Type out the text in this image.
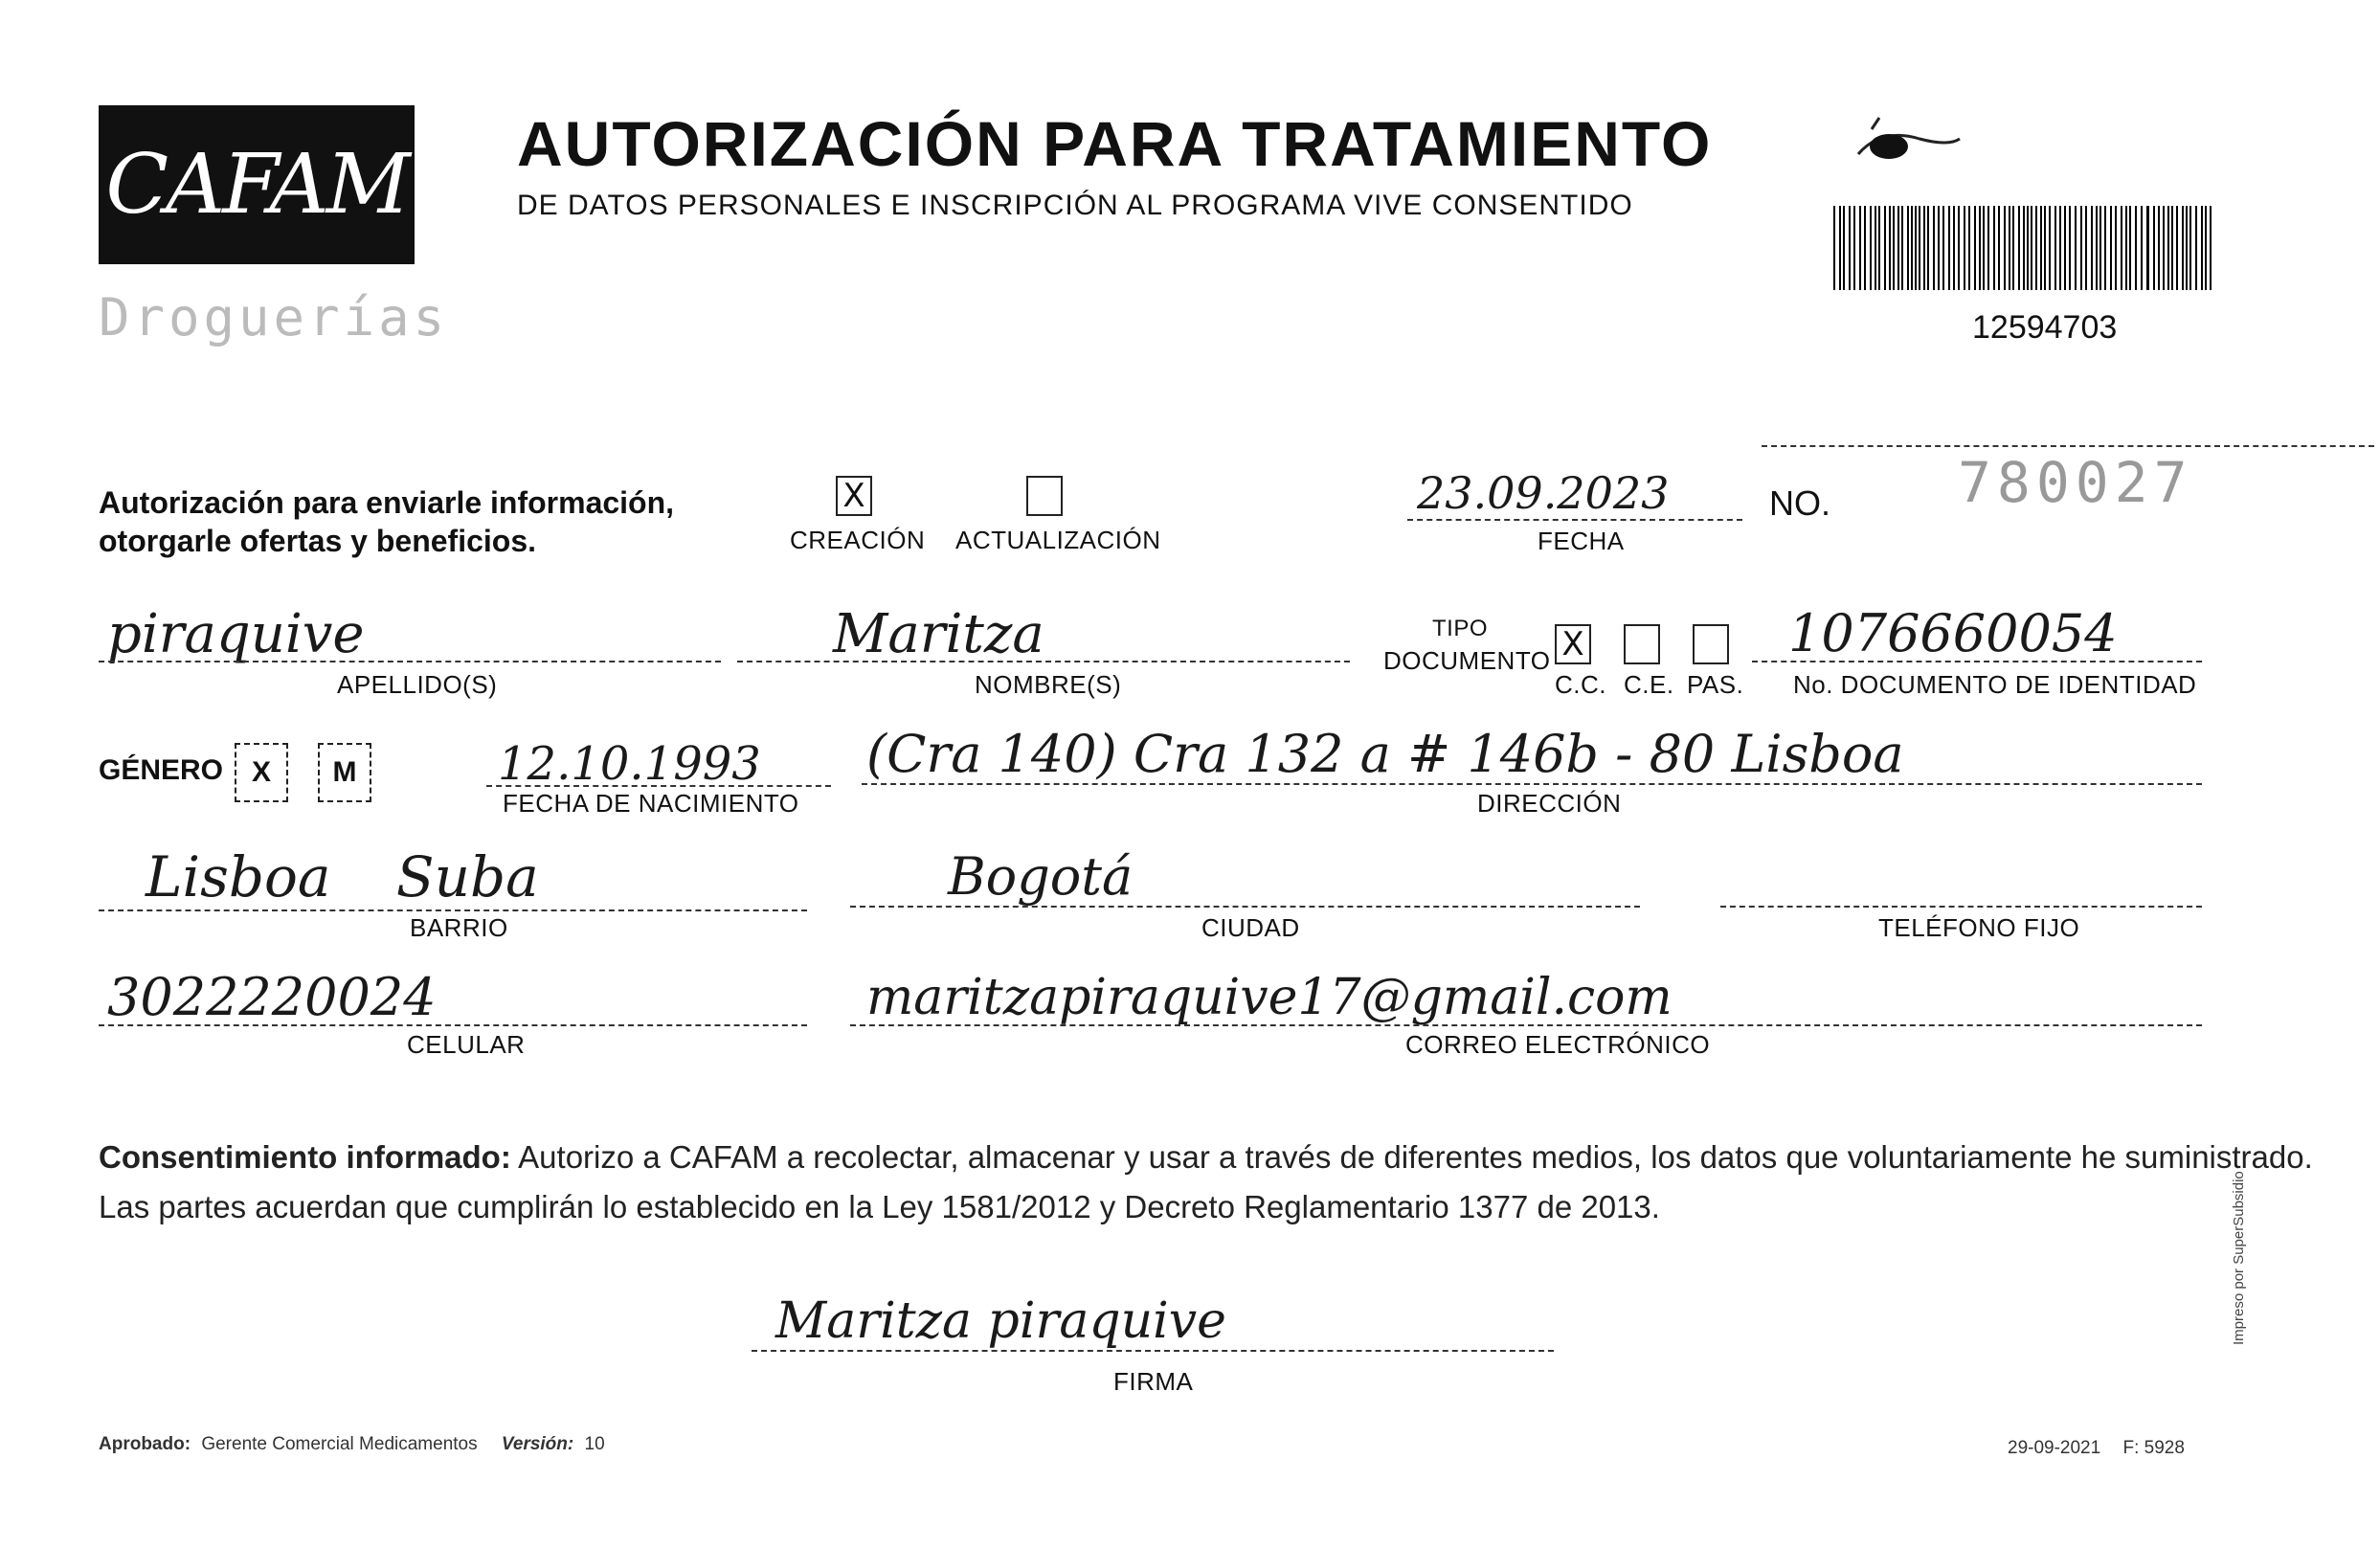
CAFAM
Droguerías
AUTORIZACIÓN PARA TRATAMIENTO
DE DATOS PERSONALES E INSCRIPCIÓN AL PROGRAMA VIVE CONSENTIDO
12594703
Autorización para enviarle información,
otorgarle ofertas y beneficios.
X
CREACIÓN ACTUALIZACIÓN
23.09.2023
FECHA
NO. 780027
piraquive
APELLIDO(S)
Maritza
NOMBRE(S)
TIPO
DOCUMENTO X
C.C. C.E. PAS.
1076660054
No. DOCUMENTO DE IDENTIDAD
GÉNERO X	M	12.10.1993
FECHA DE NACIMIENTO
(Cra 140) Cra 132 a # 146b - 80 Lisboa
DIRECCIÓN
Lisboa Suba
BARRIO
Bogotá
CIUDAD	TELÉFONO FIJO
3022220024
CELULAR
maritzapiraquive17@gmail.com
CORREO ELECTRÓNICO
Consentimiento informado: Autorizo a CAFAM a recolectar, almacenar y usar a través de diferentes medios, los datos que voluntariamente he suministrado.
Las partes acuerdan que cumplirán lo establecido en la Ley 1581/2012 y Decreto Reglamentario 1377 de 2013.
Maritza piraquive
FIRMA
Aprobado: Gerente Comercial Medicamentos Versión: 10	29-09-2021 F: 5928
Impreso por SuperSubsidio
